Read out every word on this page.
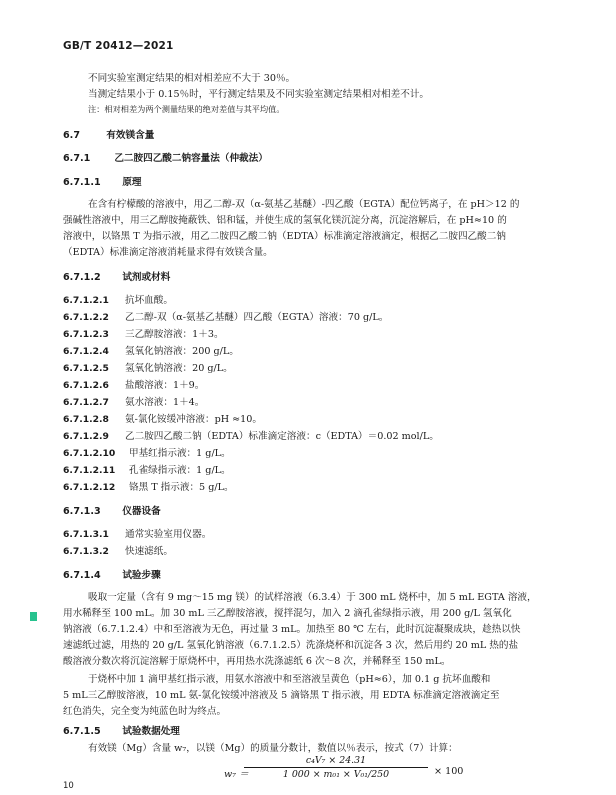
GB/T 20412—2021
不同实验室测定结果的相对相差应不大于 30％。
当测定结果小于 0.15％时，平行测定结果及不同实验室测定结果相对相差不计。
注：相对相差为两个测量结果的绝对差值与其平均值。
6.7	有效镁含量
6.7.1	乙二胺四乙酸二钠容量法（仲裁法）
6.7.1.1 原理
在含有柠檬酸的溶液中，用乙二醇-双（α-氨基乙基醚）-四乙酸（EGTA）配位钙离子，在 pH＞12 的
强碱性溶液中，用三乙醇胺掩蔽铁、铝和锰，并使生成的氢氧化镁沉淀分离，沉淀溶解后，在 pH≈10 的
溶液中，以铬黑 T 为指示液，用乙二胺四乙酸二钠（EDTA）标准滴定溶液滴定，根据乙二胺四乙酸二钠
（EDTA）标准滴定溶液消耗量求得有效镁含量。
6.7.1.2 试剂或材料
6.7.1.2.1 抗坏血酸。
6.7.1.2.2 乙二醇-双（α-氨基乙基醚）四乙酸（EGTA）溶液：70 g/L。
6.7.1.2.3 三乙醇胺溶液：1＋3。
6.7.1.2.4 氢氧化钠溶液：200 g/L。
6.7.1.2.5 氢氧化钠溶液：20 g/L。
6.7.1.2.6 盐酸溶液：1＋9。
6.7.1.2.7 氨水溶液：1＋4。
6.7.1.2.8 氨-氯化铵缓冲溶液：pH ≈10。
6.7.1.2.9 乙二胺四乙酸二钠（EDTA）标准滴定溶液：c（EDTA）＝0.02 mol/L。
6.7.1.2.10 甲基红指示液：1 g/L。
6.7.1.2.11 孔雀绿指示液：1 g/L。
6.7.1.2.12 铬黑 T 指示液：5 g/L。
6.7.1.3 仪器设备
6.7.1.3.1 通常实验室用仪器。
6.7.1.3.2 快速滤纸。
6.7.1.4 试验步骤
吸取一定量（含有 9 mg～15 mg 镁）的试样溶液（6.3.4）于 300 mL 烧杯中，加 5 mL EGTA 溶液，
用水稀释至 100 mL。加 30 mL 三乙醇胺溶液，搅拌混匀，加入 2 滴孔雀绿指示液，用 200 g/L 氢氧化
钠溶液（6.7.1.2.4）中和至溶液为无色，再过量 3 mL。加热至 80 ℃ 左右，此时沉淀凝聚成块，趁热以快
速滤纸过滤，用热的 20 g/L 氢氧化钠溶液（6.7.1.2.5）洗涤烧杯和沉淀各 3 次，然后用约 20 mL 热的盐
酸溶液分数次将沉淀溶解于原烧杯中，再用热水洗涤滤纸 6 次～8 次，并稀释至 150 mL。
于烧杯中加 1 滴甲基红指示液，用氨水溶液中和至溶液呈黄色（pH≈6），加 0.1 g 抗坏血酸和
5 mL三乙醇胺溶液，10 mL 氨-氯化铵缓冲溶液及 5 滴铬黑 T 指示液，用 EDTA 标准滴定溶液滴定至
红色消失，完全变为纯蓝色时为终点。
6.7.1.5 试验数据处理
有效镁（Mg）含量 w₇，以镁（Mg）的质量分数计，数值以％表示，按式（7）计算：
w₇ ＝
c₄V₇ × 24.31
1 000 × m₀₁ × V₀₁/250	× 100
10
